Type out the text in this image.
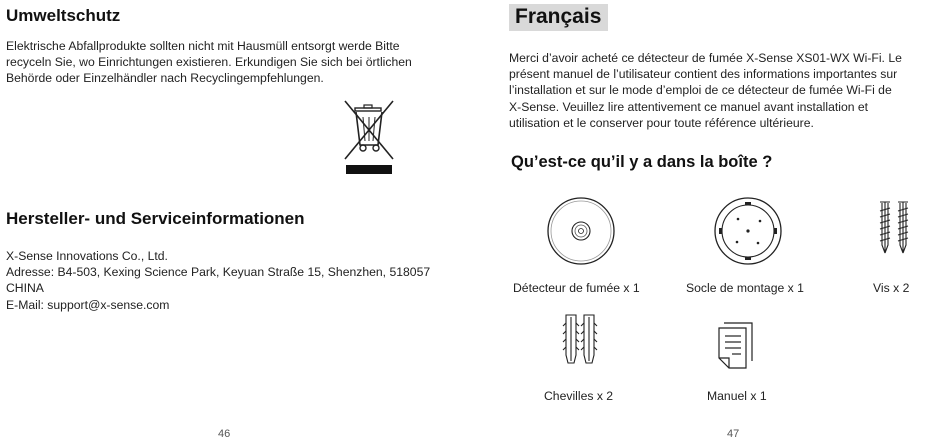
Umweltschutz

Elektrische Abfallprodukte sollten nicht mit Hausmüll entsorgt werde Bitte
recyceln Sie, wo Einrichtungen existieren. Erkundigen Sie sich bei örtlichen
Behörde oder Einzelhändler nach Recyclingempfehlungen.

Hersteller- und Serviceinformationen

X-Sense Innovations Co., Ltd.
Adresse: B4-503, Kexing Science Park, Keyuan Straße 15, Shenzhen, 518057
CHINA
E-Mail: support@x-sense.com

46
Français

Merci d’avoir acheté ce détecteur de fumée X-Sense XS01-WX Wi-Fi. Le
présent manuel de l’utilisateur contient des informations importantes sur
l’installation et sur le mode d’emploi de ce détecteur de fumée Wi-Fi de
X-Sense. Veuillez lire attentivement ce manuel avant installation et
utilisation et le conserver pour toute référence ultérieure.

Qu’est-ce qu’il y a dans la boîte ?
Détecteur de fumée x 1	Socle de montage x 1	Vis x 2
Chevilles x 2	Manuel x 1
47
